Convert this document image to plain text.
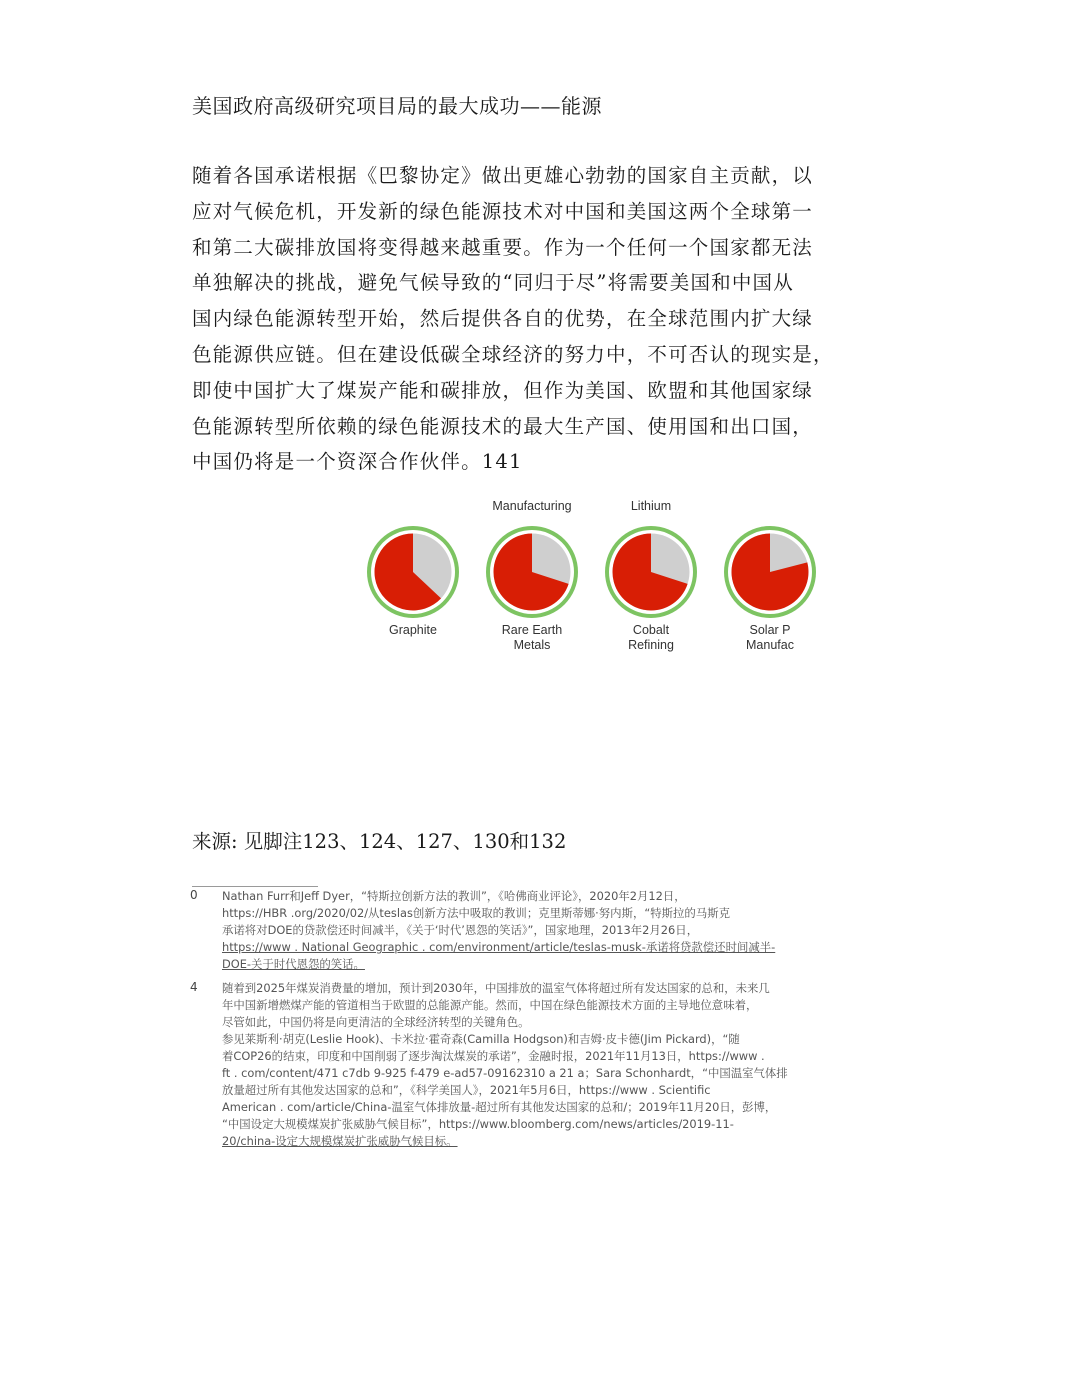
美国政府高级研究项目局的最大成功——能源
随着各国承诺根据《巴黎协定》做出更雄心勃勃的国家自主贡献，以
应对气候危机，开发新的绿色能源技术对中国和美国这两个全球第一
和第二大碳排放国将变得越来越重要。作为一个任何一个国家都无法
单独解决的挑战，避免气候导致的“同归于尽”将需要美国和中国从
国内绿色能源转型开始，然后提供各自的优势，在全球范围内扩大绿
色能源供应链。但在建设低碳全球经济的努力中，不可否认的现实是，
即使中国扩大了煤炭产能和碳排放，但作为美国、欧盟和其他国家绿
色能源转型所依赖的绿色能源技术的最大生产国、使用国和出口国，
中国仍将是一个资深合作伙伴。141
Graphite
Manufacturing
Rare Earth
Metals
Lithium
Cobalt
Refining
Solar P
Manufac
来源: 见脚注123、124、127、130和132
0 Nathan Furr和Jeff Dyer，“特斯拉创新方法的教训”，《哈佛商业评论》，2020年2月12日，
https://HBR .org/2020/02/从teslas创新方法中吸取的教训；克里斯蒂娜·努内斯，“特斯拉的马斯克
承诺将对DOE的贷款偿还时间减半，《关于‘时代’恩怨的笑话》”，国家地理，2013年2月26日，
https://www . National Geographic . com/environment/article/teslas-musk-承诺将贷款偿还时间减半-
DOE-关于时代恩怨的笑话。
4 随着到2025年煤炭消费量的增加，预计到2030年，中国排放的温室气体将超过所有发达国家的总和，未来几
年中国新增燃煤产能的管道相当于欧盟的总能源产能。然而，中国在绿色能源技术方面的主导地位意味着，
尽管如此，中国仍将是向更清洁的全球经济转型的关键角色。
参见莱斯利·胡克(Leslie Hook)、卡米拉·霍奇森(Camilla Hodgson)和吉姆·皮卡德(Jim Pickard)，“随
着COP26的结束，印度和中国削弱了逐步淘汰煤炭的承诺”，金融时报，2021年11月13日，https://www .
ft . com/content/471 c7db 9-925 f-479 e-ad57-09162310 a 21 a；Sara Schonhardt，“中国温室气体排
放量超过所有其他发达国家的总和”，《科学美国人》，2021年5月6日，https://www . Scientific
American . com/article/China-温室气体排放量-超过所有其他发达国家的总和/；2019年11月20日，彭博，
“中国设定大规模煤炭扩张威胁气候目标”，https://www.bloomberg.com/news/articles/2019-11-
20/china-设定大规模煤炭扩张威胁气候目标。
